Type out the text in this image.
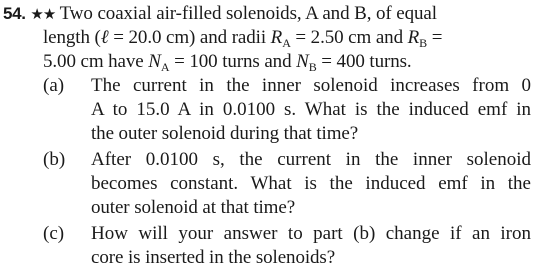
54. ★★ Two coaxial air-filled solenoids, A and B, of equal
length (ℓ = 20.0 cm) and radii $R_A = 2.50$ cm and $R_B$ =
5.00 cm have $N_A = 100$ turns and $N_B = 400$ turns.
(a) The current in the inner solenoid increases from 0
A to 15.0 A in 0.0100 s. What is the induced emf in
the outer solenoid during that time?
(b) After 0.0100 s, the current in the inner solenoid
becomes constant. What is the induced emf in the
outer solenoid at that time?
(c) How will your answer to part (b) change if an iron
core is inserted in the solenoids?
